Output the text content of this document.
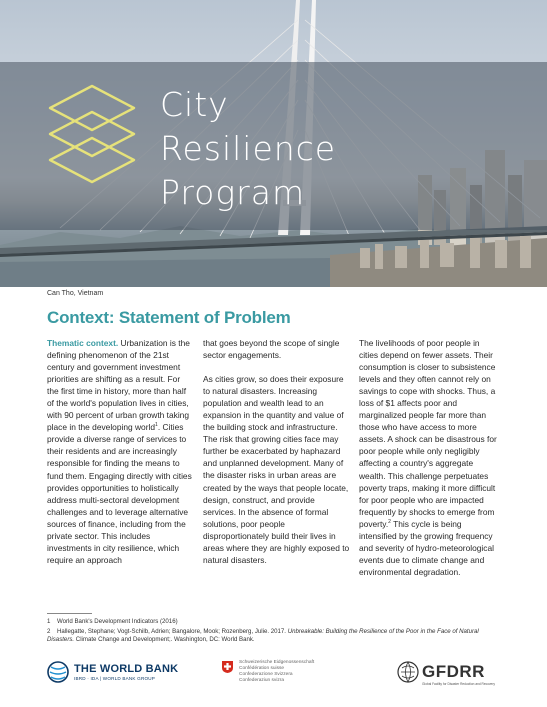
City
Resilience
Program
Can Tho, Vietnam
Context: Statement of Problem

Thematic context. Urbanization is the defining phenomenon of the 21st century and government investment priorities are shifting as a result. For the first time in history, more than half of the world's population lives in cities, with 90 percent of urban growth taking place in the developing world$^1$. Cities provide a diverse range of services to their residents and are increasingly responsible for finding the means to fund them. Engaging directly with cities provides opportunities to holistically address multi-sectoral development challenges and to leverage alternative sources of finance, including from the private sector. This includes investments in city resilience, which require an approach

that goes beyond the scope of single sector engagements.

As cities grow, so does their exposure to natural disasters. Increasing population and wealth lead to an expansion in the quantity and value of the building stock and infrastructure. The risk that growing cities face may further be exacerbated by haphazard and unplanned development. Many of the disaster risks in urban areas are created by the ways that people locate, design, construct, and provide services. In the absence of formal solutions, poor people disproportionately build their lives in areas where they are highly exposed to natural disasters.

The livelihoods of poor people in cities depend on fewer assets. Their consumption is closer to subsistence levels and they often cannot rely on savings to cope with shocks. Thus, a loss of $1 affects poor and marginalized people far more than those who have access to more assets. A shock can be disastrous for poor people while only negligibly affecting a country's aggregate wealth. This challenge perpetuates poverty traps, making it more difficult for poor people who are impacted frequently by shocks to emerge from poverty.$^2$ This cycle is being intensified by the growing frequency and severity of hydro-meteorological events due to climate change and environmental degradation.

1 World Bank's Development Indicators (2016)
2 Hallegatte, Stephane; Vogt-Schilb, Adrien; Bangalore, Mook; Rozenberg, Julie. 2017. Unbreakable: Building the Resilience of the Poor in the Face of Natural Disasters. Climate Change and Development;. Washington, DC: World Bank.
THE WORLD BANK
IBRD · IDA | WORLD BANK GROUP
Schweizerische Eidgenossenschaft
Confédération suisse
Confederazione Svizzera
Confederaziun svizra	GFDRR
Global Facility for Disaster Reduction and Recovery
